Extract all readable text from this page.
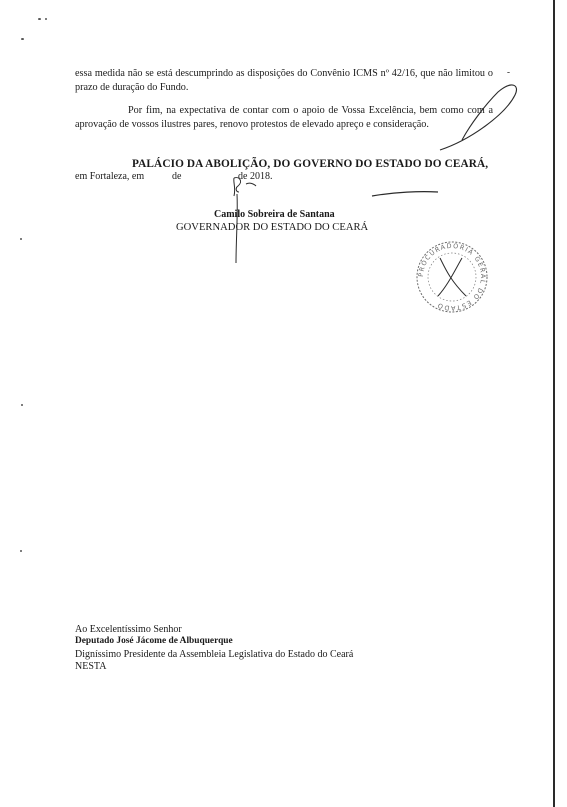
essa medida não se está descumprindo as disposições do Convênio ICMS nº 42/16, que não limitou o prazo de duração do Fundo.

Por fim, na expectativa de contar com o apoio de Vossa Excelência, bem como com a aprovação de vossos ilustres pares, renovo protestos de elevado apreço e consideração.

PALÁCIO DA ABOLIÇÃO, DO GOVERNO DO ESTADO DO CEARÁ,
em Fortaleza, em	de	de 2018.
Camilo Sobreira de Santana
GOVERNADOR DO ESTADO DO CEARÁ
PROCURADORIA GERAL DO ESTADO
Ao Excelentíssimo Senhor
Deputado José Jácome de Albuquerque
Digníssimo Presidente da Assembleia Legislativa do Estado do Ceará
NESTA
